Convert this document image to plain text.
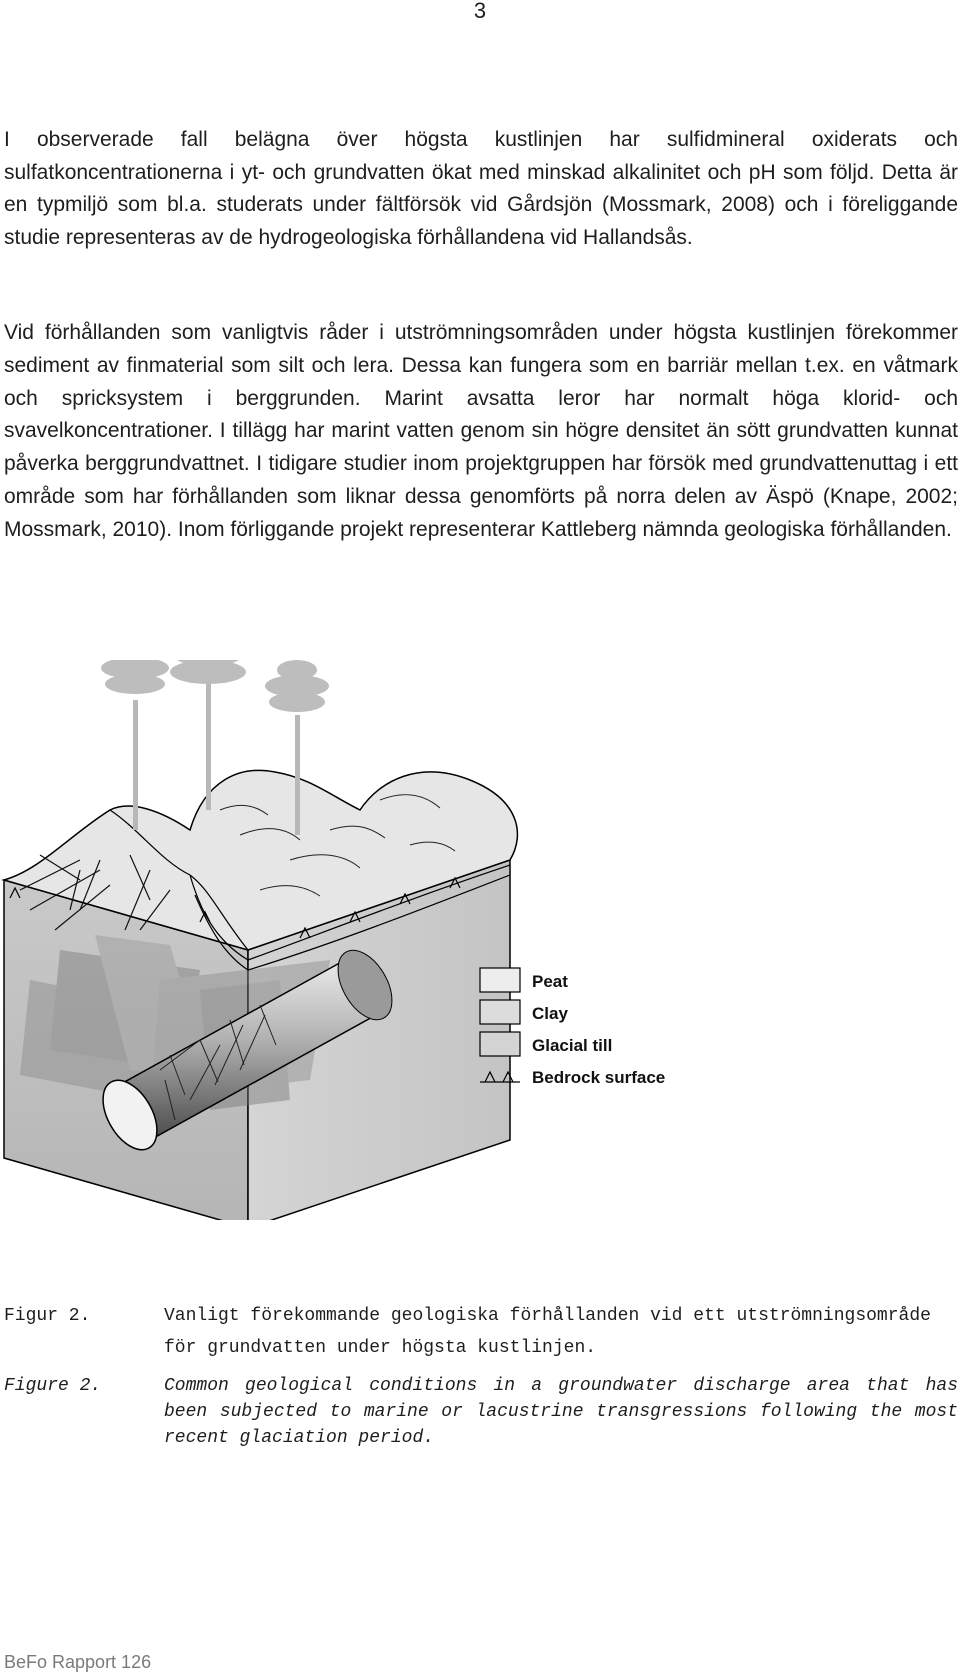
3

I observerade fall belägna över högsta kustlinjen har sulfidmineral oxiderats och sulfatkoncentrationerna i yt- och grundvatten ökat med minskad alkalinitet och pH som följd. Detta är en typmiljö som bl.a. studerats under fältförsök vid Gårdsjön (Mossmark, 2008) och i föreliggande studie representeras av de hydrogeologiska förhållandena vid Hallandsås.

Vid förhållanden som vanligtvis råder i utströmningsområden under högsta kustlinjen förekommer sediment av finmaterial som silt och lera. Dessa kan fungera som en barriär mellan t.ex. en våtmark och spricksystem i berggrunden. Marint avsatta leror har normalt höga klorid- och svavelkoncentrationer. I tillägg har marint vatten genom sin högre densitet än sött grundvatten kunnat påverka berggrundvattnet. I tidigare studier inom projektgruppen har försök med grundvattenuttag i ett område som har förhållanden som liknar dessa genomförts på norra delen av Äspö (Knape, 2002; Mossmark, 2010). Inom förliggande projekt representerar Kattleberg nämnda geologiska förhållanden.

Peat
Clay
Glacial till
Bedrock surface
Figur 2.	Vanligt förekommande geologiska förhållanden vid ett utströmningsområde för grundvatten under högsta kustlinjen.
Figure 2.	Common geological conditions in a groundwater discharge area that has been subjected to marine or lacustrine transgressions following the most recent glaciation period.
BeFo Rapport 126
